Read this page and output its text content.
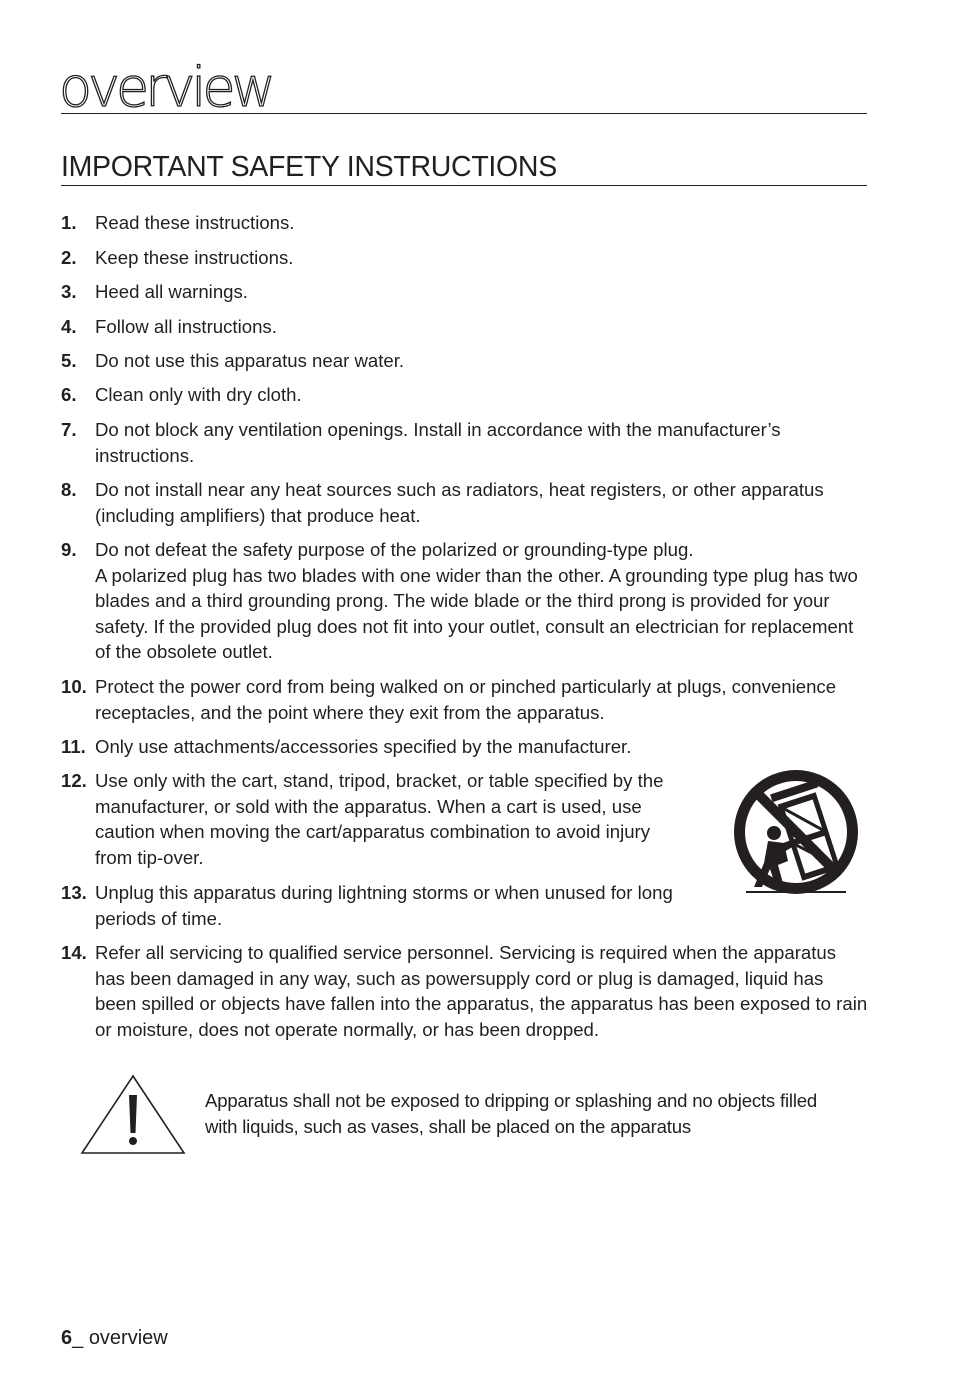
overview
IMPORTANT SAFETY INSTRUCTIONS
1. Read these instructions.
2. Keep these instructions.
3. Heed all warnings.
4. Follow all instructions.
5. Do not use this apparatus near water.
6. Clean only with dry cloth.
7. Do not block any ventilation openings. Install in accordance with the manufacturer’s instructions.
8. Do not install near any heat sources such as radiators, heat registers, or other apparatus (including amplifiers) that produce heat.
9. Do not defeat the safety purpose of the polarized or grounding-type plug.
A polarized plug has two blades with one wider than the other. A grounding type plug has two blades and a third grounding prong. The wide blade or the third prong is provided for your safety. If the provided plug does not fit into your outlet, consult an electrician for replacement of the obsolete outlet.
10. Protect the power cord from being walked on or pinched particularly at plugs, convenience receptacles, and the point where they exit from the apparatus.
11. Only use attachments/accessories specified by the manufacturer.
12. Use only with the cart, stand, tripod, bracket, or table specified by the manufacturer, or sold with the apparatus. When a cart is used, use caution when moving the cart/apparatus combination to avoid injury from tip-over.
13. Unplug this apparatus during lightning storms or when unused for long periods of time.
14. Refer all servicing to qualified service personnel. Servicing is required when the apparatus has been damaged in any way, such as powersupply cord or plug is damaged, liquid has been spilled or objects have fallen into the apparatus, the apparatus has been exposed to rain or moisture, does not operate normally, or has been dropped.
Apparatus shall not be exposed to dripping or splashing and no objects filled with liquids, such as vases, shall be placed on the apparatus
6_ overview
